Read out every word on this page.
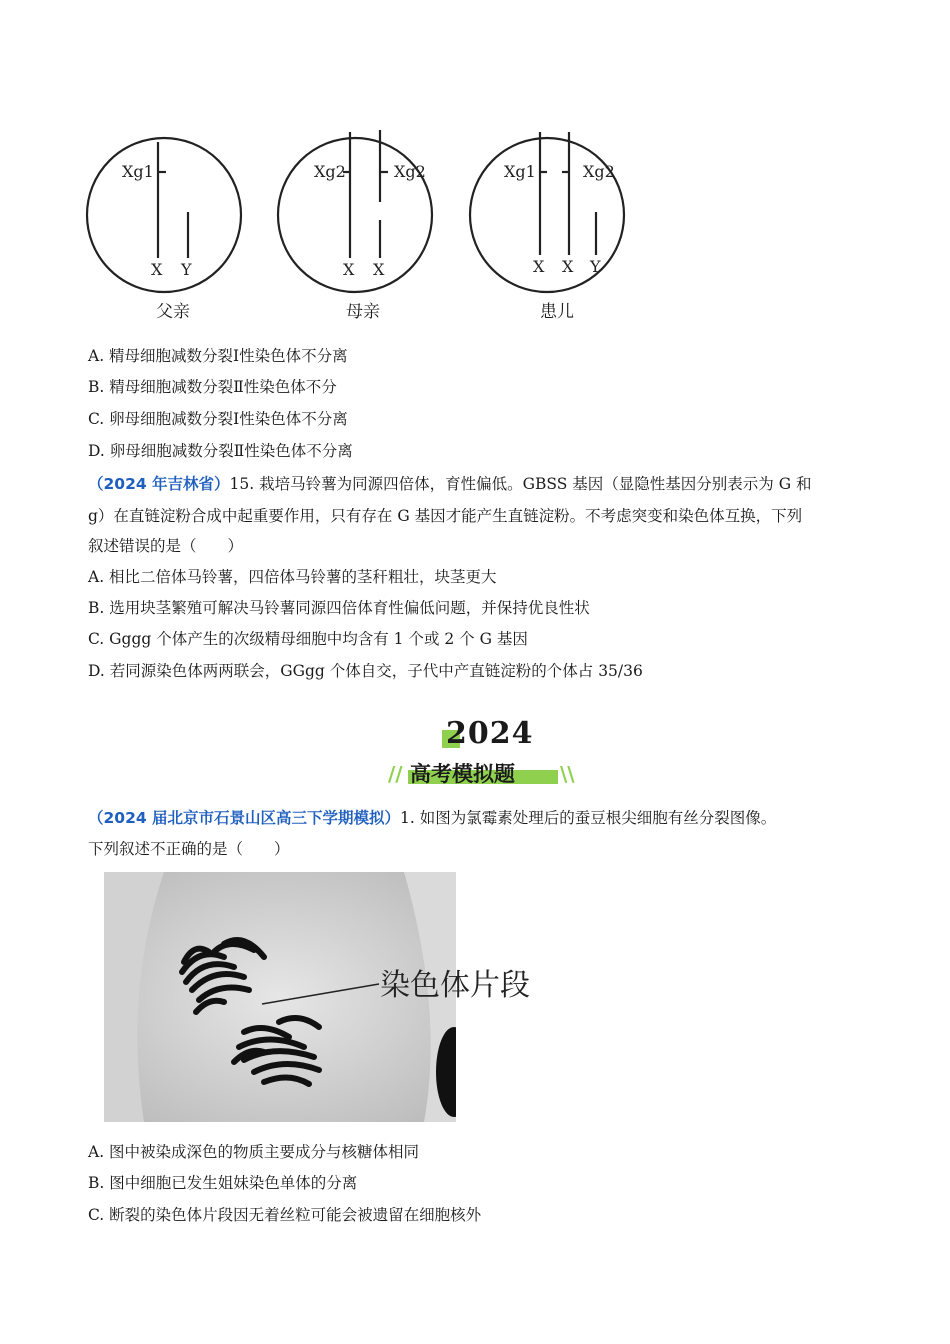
Xg1
X Y
Xg2	Xg2
X X
Xg1	Xg2
X X Y
父亲	母亲	患儿
A. 精母细胞减数分裂Ⅰ性染色体不分离
B. 精母细胞减数分裂Ⅱ性染色体不分
C. 卵母细胞减数分裂Ⅰ性染色体不分离
D. 卵母细胞减数分裂Ⅱ性染色体不分离
（2024 年吉林省）15. 栽培马铃薯为同源四倍体，育性偏低。GBSS 基因（显隐性基因分别表示为 G 和
g）在直链淀粉合成中起重要作用，只有存在 G 基因才能产生直链淀粉。不考虑突变和染色体互换，下列
叙述错误的是（　　）
A. 相比二倍体马铃薯，四倍体马铃薯的茎秆粗壮，块茎更大
B. 选用块茎繁殖可解决马铃薯同源四倍体育性偏低问题，并保持优良性状
C. Gggg 个体产生的次级精母细胞中均含有 1 个或 2 个 G 基因
D. 若同源染色体两两联会，GGgg 个体自交，子代中产直链淀粉的个体占 35/36
2024
//	\\
高考模拟题
（2024 届北京市石景山区高三下学期模拟）1. 如图为氯霉素处理后的蚕豆根尖细胞有丝分裂图像。
下列叙述不正确的是（　　）
染色体片段
A. 图中被染成深色的物质主要成分与核糖体相同
B. 图中细胞已发生姐妹染色单体的分离
C. 断裂的染色体片段因无着丝粒可能会被遗留在细胞核外
